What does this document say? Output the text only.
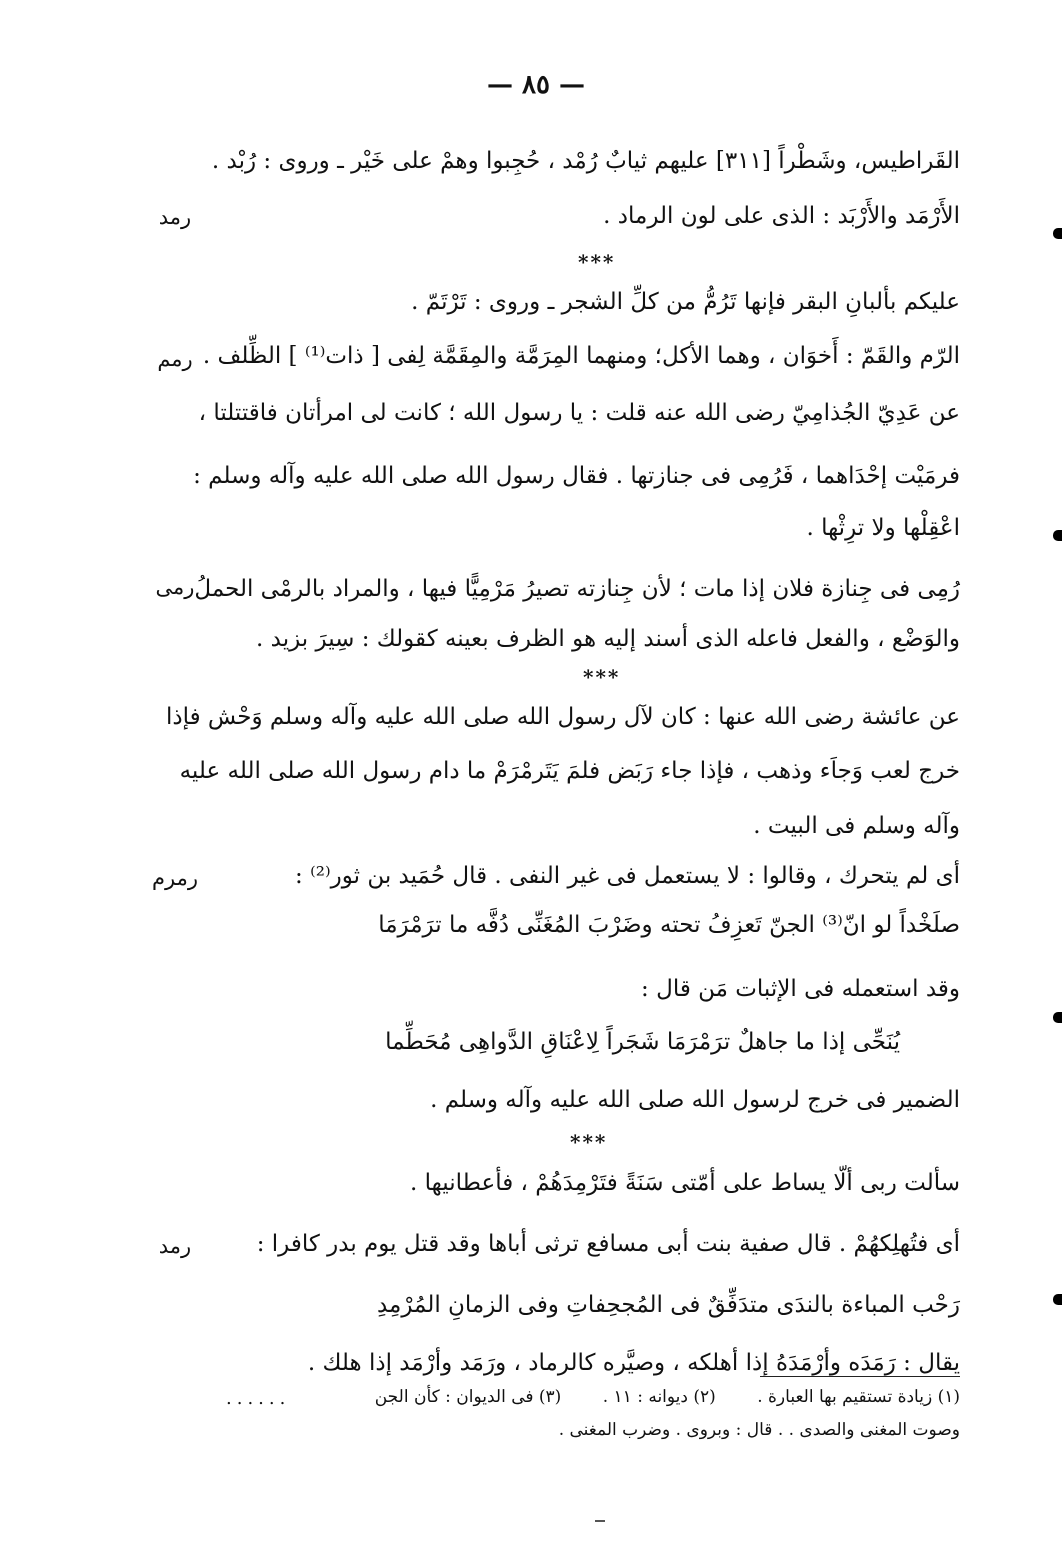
— ٨٥ —
رمد
رمم
رمى
رمرم
رمد
القَراطيس، وشَطْراً [٣١١] عليهم ثيابٌ رُمْد ، حُجِبوا وهمْ على خَيْر ـ وروى : رُبْد .
الأَرْمَد والأَرْبَد : الذى على لون الرماد .
عليكم بألبانِ البقر فإنها تَرُمُّ من كلِّ الشجر ـ وروى : تَرْتَمّ .
الرّم والقَمّ : أَخوَان ، وهما الأكل؛ ومنهما المِرَمَّة والمِقَمَّة لِفى [ ذات⁽¹⁾ ] الظِّلف .
عن عَدِيّ الجُذامِيّ رضى الله عنه قلت : يا رسول الله ؛ كانت لى امرأتان فاقتتلتا ،
فرمَيْت إحْدَاهما ، فَرُمِى فى جنازتها . فقال رسول الله صلى الله عليه وآله وسلم :
اعْقِلْها ولا ترِثْها .
رُمِى فى جِنازة فلان إذا مات ؛ لأن جِنازته تصيرُ مَرْمِيًّا فيها ، والمراد بالرمْى الحملُ
والوَضْع ، والفعل فاعله الذى أسند إليه هو الظرف بعينه كقولك : سِيرَ بزيد .
عن عائشة رضى الله عنها : كان لآل رسول الله صلى الله عليه وآله وسلم وَحْش فإذا
خرج لعب وَجاَء وذهب ، فإذا جاء رَبَض فلمَ يَتَرمْرَمْ ما دام رسول الله صلى الله عليه
وآله وسلم فى البيت .
أى لم يتحرك ، وقالوا : لا يستعمل فى غير النفى . قال حُمَيد بن ثور⁽²⁾ :
صلَخْداً لو انّ⁽³⁾ الجنّ تَعزِفُ تحته وضَرْبَ المُغَنِّى دُفَّه ما ترَمْرَمَا
وقد استعمله فى الإثبات مَن قال :
يُنَحِّى إذا ما جاهلٌ ترَمْرَمَا شَجَراً لِاعْنَاقِ الدَّواهِى مُحَطِّما
الضمير فى خرج لرسول الله صلى الله عليه وآله وسلم .
سألت ربى ألّا يساط على أمّتى سَنَةً فتَرْمِدَهُمْ ، فأعطانيها .
أى فتُهلِكهُمْ . قال صفية بنت أبى مسافع ترثى أباها وقد قتل يوم بدر كافرا :
رَحْب المباءة بالندَى متدَفِّقٌ فى المُجحِفاتِ وفى الزمانِ المُرْمِدِ
يقال : رَمَدَه وأرْمَدَهُ إذا أهلكه ، وصيَّره كالرماد ، ورَمَد وأرْمَد إذا هلك .
***
***
***
(١) زيادة تستقيم بها العبارة . (٢) ديوانه : ١١ . (٣) فى الديوان : كأن الجن
......
وصوت المغنى والصدى . . قال : وبروى . وضرب المغنى .
